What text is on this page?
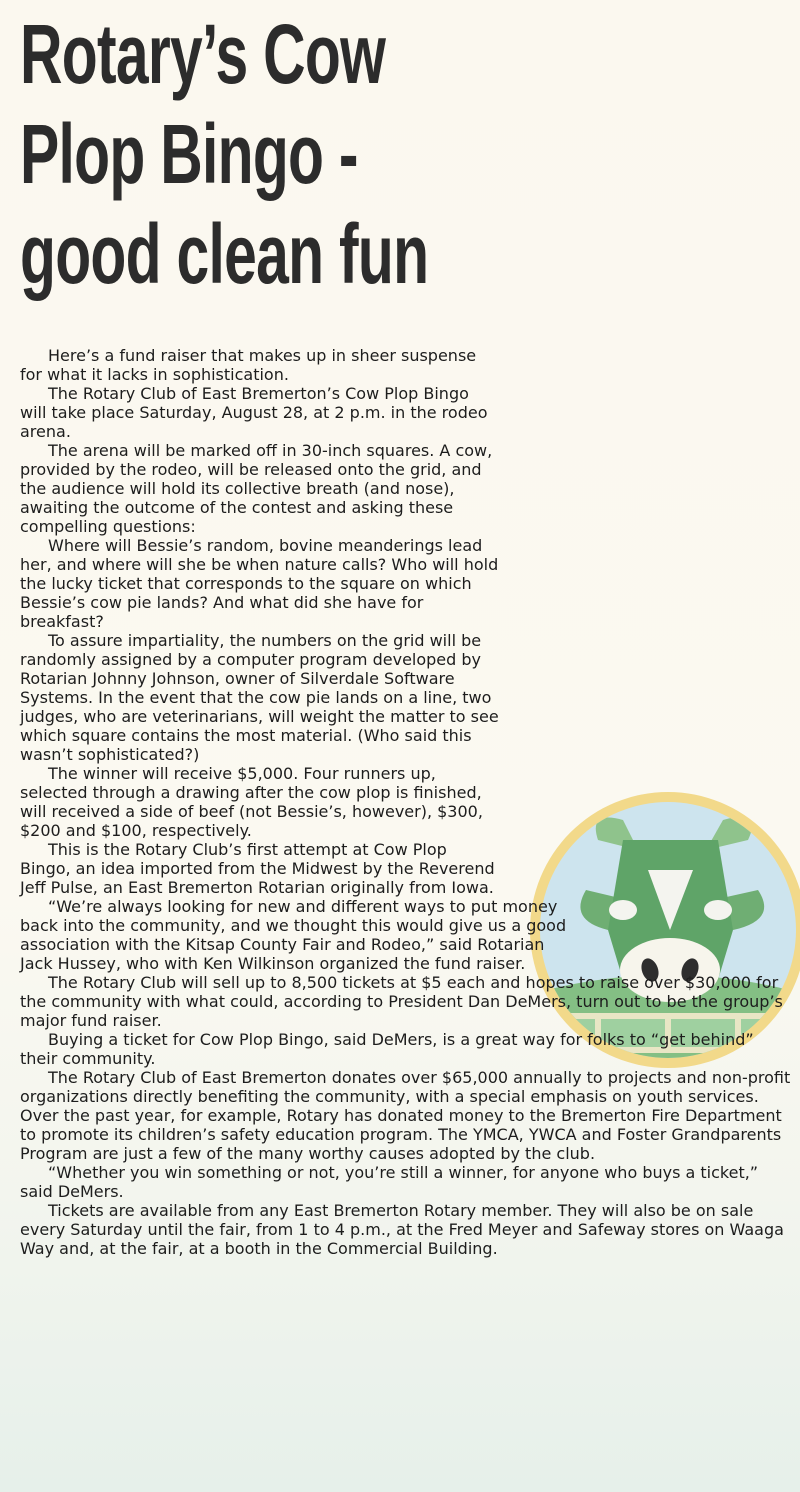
Rotary’s Cow
Plop Bingo -
good clean fun

Here’s a fund raiser that makes up in sheer suspense for what it lacks in sophistication.

The Rotary Club of East Bremerton’s Cow Plop Bingo will take place Saturday, August 28, at 2 p.m. in the rodeo arena.

The arena will be marked off in 30-inch squares. A cow, provided by the rodeo, will be released onto the grid, and the audience will hold its collective breath (and nose), awaiting the outcome of the contest and asking these compelling questions:

Where will Bessie’s random, bovine meanderings lead her, and where will she be when nature calls? Who will hold the lucky ticket that corresponds to the square on which Bessie’s cow pie lands? And what did she have for breakfast?

To assure impartiality, the numbers on the grid will be randomly assigned by a computer program developed by Rotarian Johnny Johnson, owner of Silverdale Software Systems. In the event that the cow pie lands on a line, two judges, who are veterinarians, will weight the matter to see which square contains the most material. (Who said this wasn’t sophisticated?)

The winner will receive $5,000. Four runners up, selected through a drawing after the cow plop is finished, will received a side of beef (not Bessie’s, however), $300, $200 and $100, respectively.

This is the Rotary Club’s first attempt at Cow Plop Bingo, an idea imported from the Midwest by the Reverend Jeff Pulse, an East Bremerton Rotarian originally from Iowa.

“We’re always looking for new and different ways to put money back into the community, and we thought this would give us a good association with the Kitsap County Fair and Rodeo,” said Rotarian Jack Hussey, who with Ken Wilkinson organized the fund raiser.

The Rotary Club will sell up to 8,500 tickets at $5 each and hopes to raise over $30,000 for the community with what could, according to President Dan DeMers, turn out to be the group’s major fund raiser.

Buying a ticket for Cow Plop Bingo, said DeMers, is a great way for folks to “get behind” their community.

The Rotary Club of East Bremerton donates over $65,000 annually to projects and non-profit organizations directly benefiting the community, with a special emphasis on youth services. Over the past year, for example, Rotary has donated money to the Bremerton Fire Department to promote its children’s safety education program. The YMCA, YWCA and Foster Grandparents Program are just a few of the many worthy causes adopted by the club.

“Whether you win something or not, you’re still a winner, for anyone who buys a ticket,” said DeMers.

Tickets are available from any East Bremerton Rotary member. They will also be on sale every Saturday until the fair, from 1 to 4 p.m., at the Fred Meyer and Safeway stores on Waaga Way and, at the fair, at a booth in the Commercial Building.
